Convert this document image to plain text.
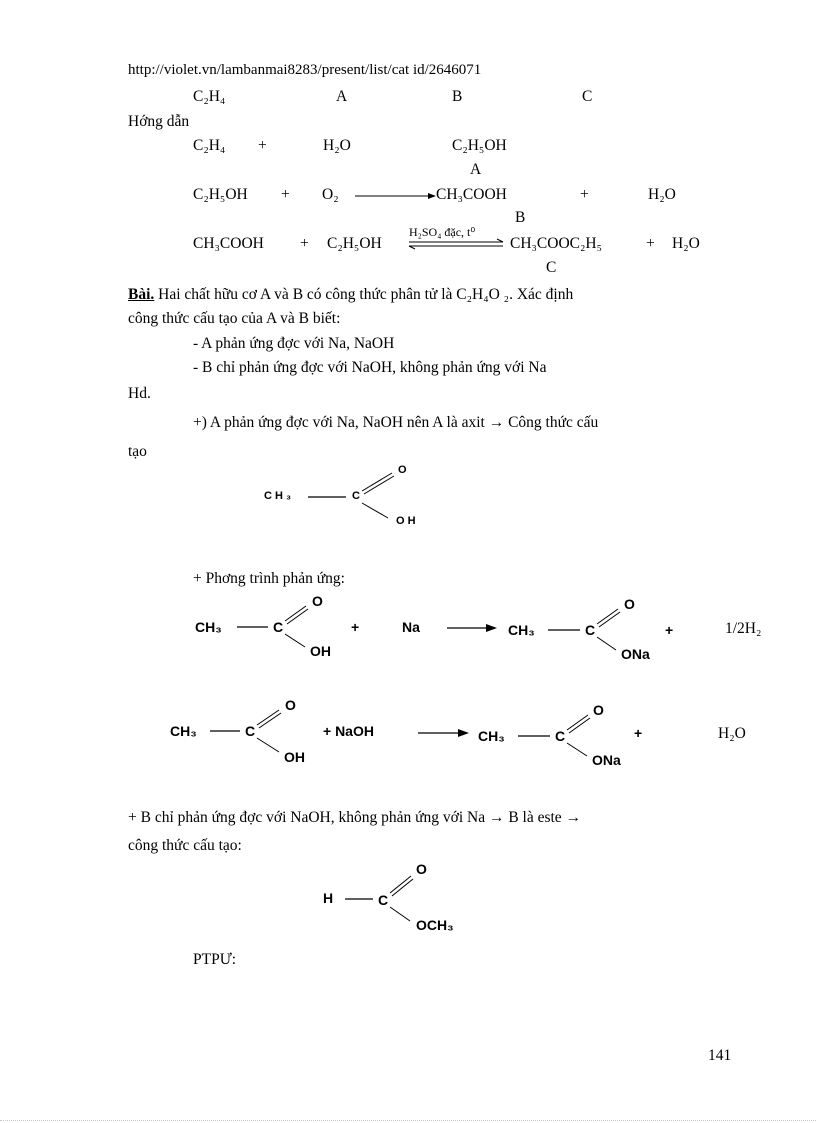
http://violet.vn/lambanmai8283/present/list/cat id/2646071
C₂H₄	A	B	C
Hớng dẫn
C₂H₄ +	H₂O	C₂H₅OH
A
C₂H₅OH + O₂	CH₃COOH	+	H₂O
B
CH₃COOH + C₂H₅OH
H₂SO₄ đặc, t⁰
CH₃COOC₂H₅	+ H₂O
C
Bài. Hai chất hữu cơ A và B có công thức phân tử là C₂H₄O ₂. Xác định
công thức cấu tạo của A và B biết:
- A phản ứng đợc với Na, NaOH
- B chỉ phản ứng đợc với NaOH, không phản ứng với Na
Hd.
+) A phản ứng đợc với Na, NaOH nên A là axit → Công thức cấu
tạo
C H ₃	C
O
O H
+ Phơng trình phản ứng:
CH₃	C
O
OH
+	Na	CH₃	C
O
ONa
+	1/2H₂
CH₃	C
O
OH
+ NaOH	CH₃	C
O
ONa
+	H₂O
+ B chỉ phản ứng đợc với NaOH, không phản ứng với Na → B là este →
công thức cấu tạo:
H	C
O
OCH₃
PTPƯ:
141
